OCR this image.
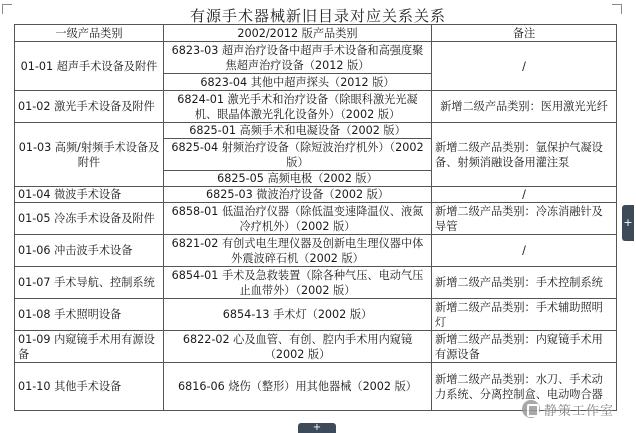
有源手术器械新旧目录对应关系关系
一级产品类别	2002/2012 版产品类别	备注
01-01 超声手术设备及附件	6823-03 超声治疗设备中超声手术设备和高强度聚焦超声治疗设备（2012 版）	/
	6823-04 其他中超声探头（2012 版）	
01-02 激光手术设备及附件	6824-01 激光手术和治疗设备（除眼科激光光凝机、眼晶体激光乳化设备外）（2002 版）	新增二级产品类别：医用激光光纤
01-03 高频/射频手术设备及附件	6825-01 高频手术和电凝设备（2002 版）	新增二级产品类别：氩保护气凝设备、射频消融设备用灌注泵
	6825-04 射频治疗设备（除短波治疗机外）（2002 版）	
	6825-05 高频电极（2002 版）	
01-04 微波手术设备	6825-03 微波治疗设备（2002 版）	/
01-05 冷冻手术设备及附件	6858-01 低温治疗仪器（除低温变速降温仪、液氮冷疗机外）（2002 版）	新增二级产品类别：冷冻消融针及导管
01-06 冲击波手术设备	6821-02 有创式电生理仪器及创新电生理仪器中体外震波碎石机（2002 版）	/
01-07 手术导航、控制系统	6854-01 手术及急救装置（除各种气压、电动气压止血带外）（2002 版）	新增二级产品类别：手术控制系统
01-08 手术照明设备	6854-13 手术灯（2002 版）	新增二级产品类别：手术辅助照明灯
01-09 内窥镜手术用有源设备	6822-02 心及血管、有创、腔内手术用内窥镜（2002 版）	新增二级产品类别：内窥镜手术用有源设备
01-10 其他手术设备	6816-06 烧伤（整形）用其他器械（2002 版）	新增二级产品类别：水刀、手术动力系统、分离控制盒、电动吻合器
+
+
静策工作室
